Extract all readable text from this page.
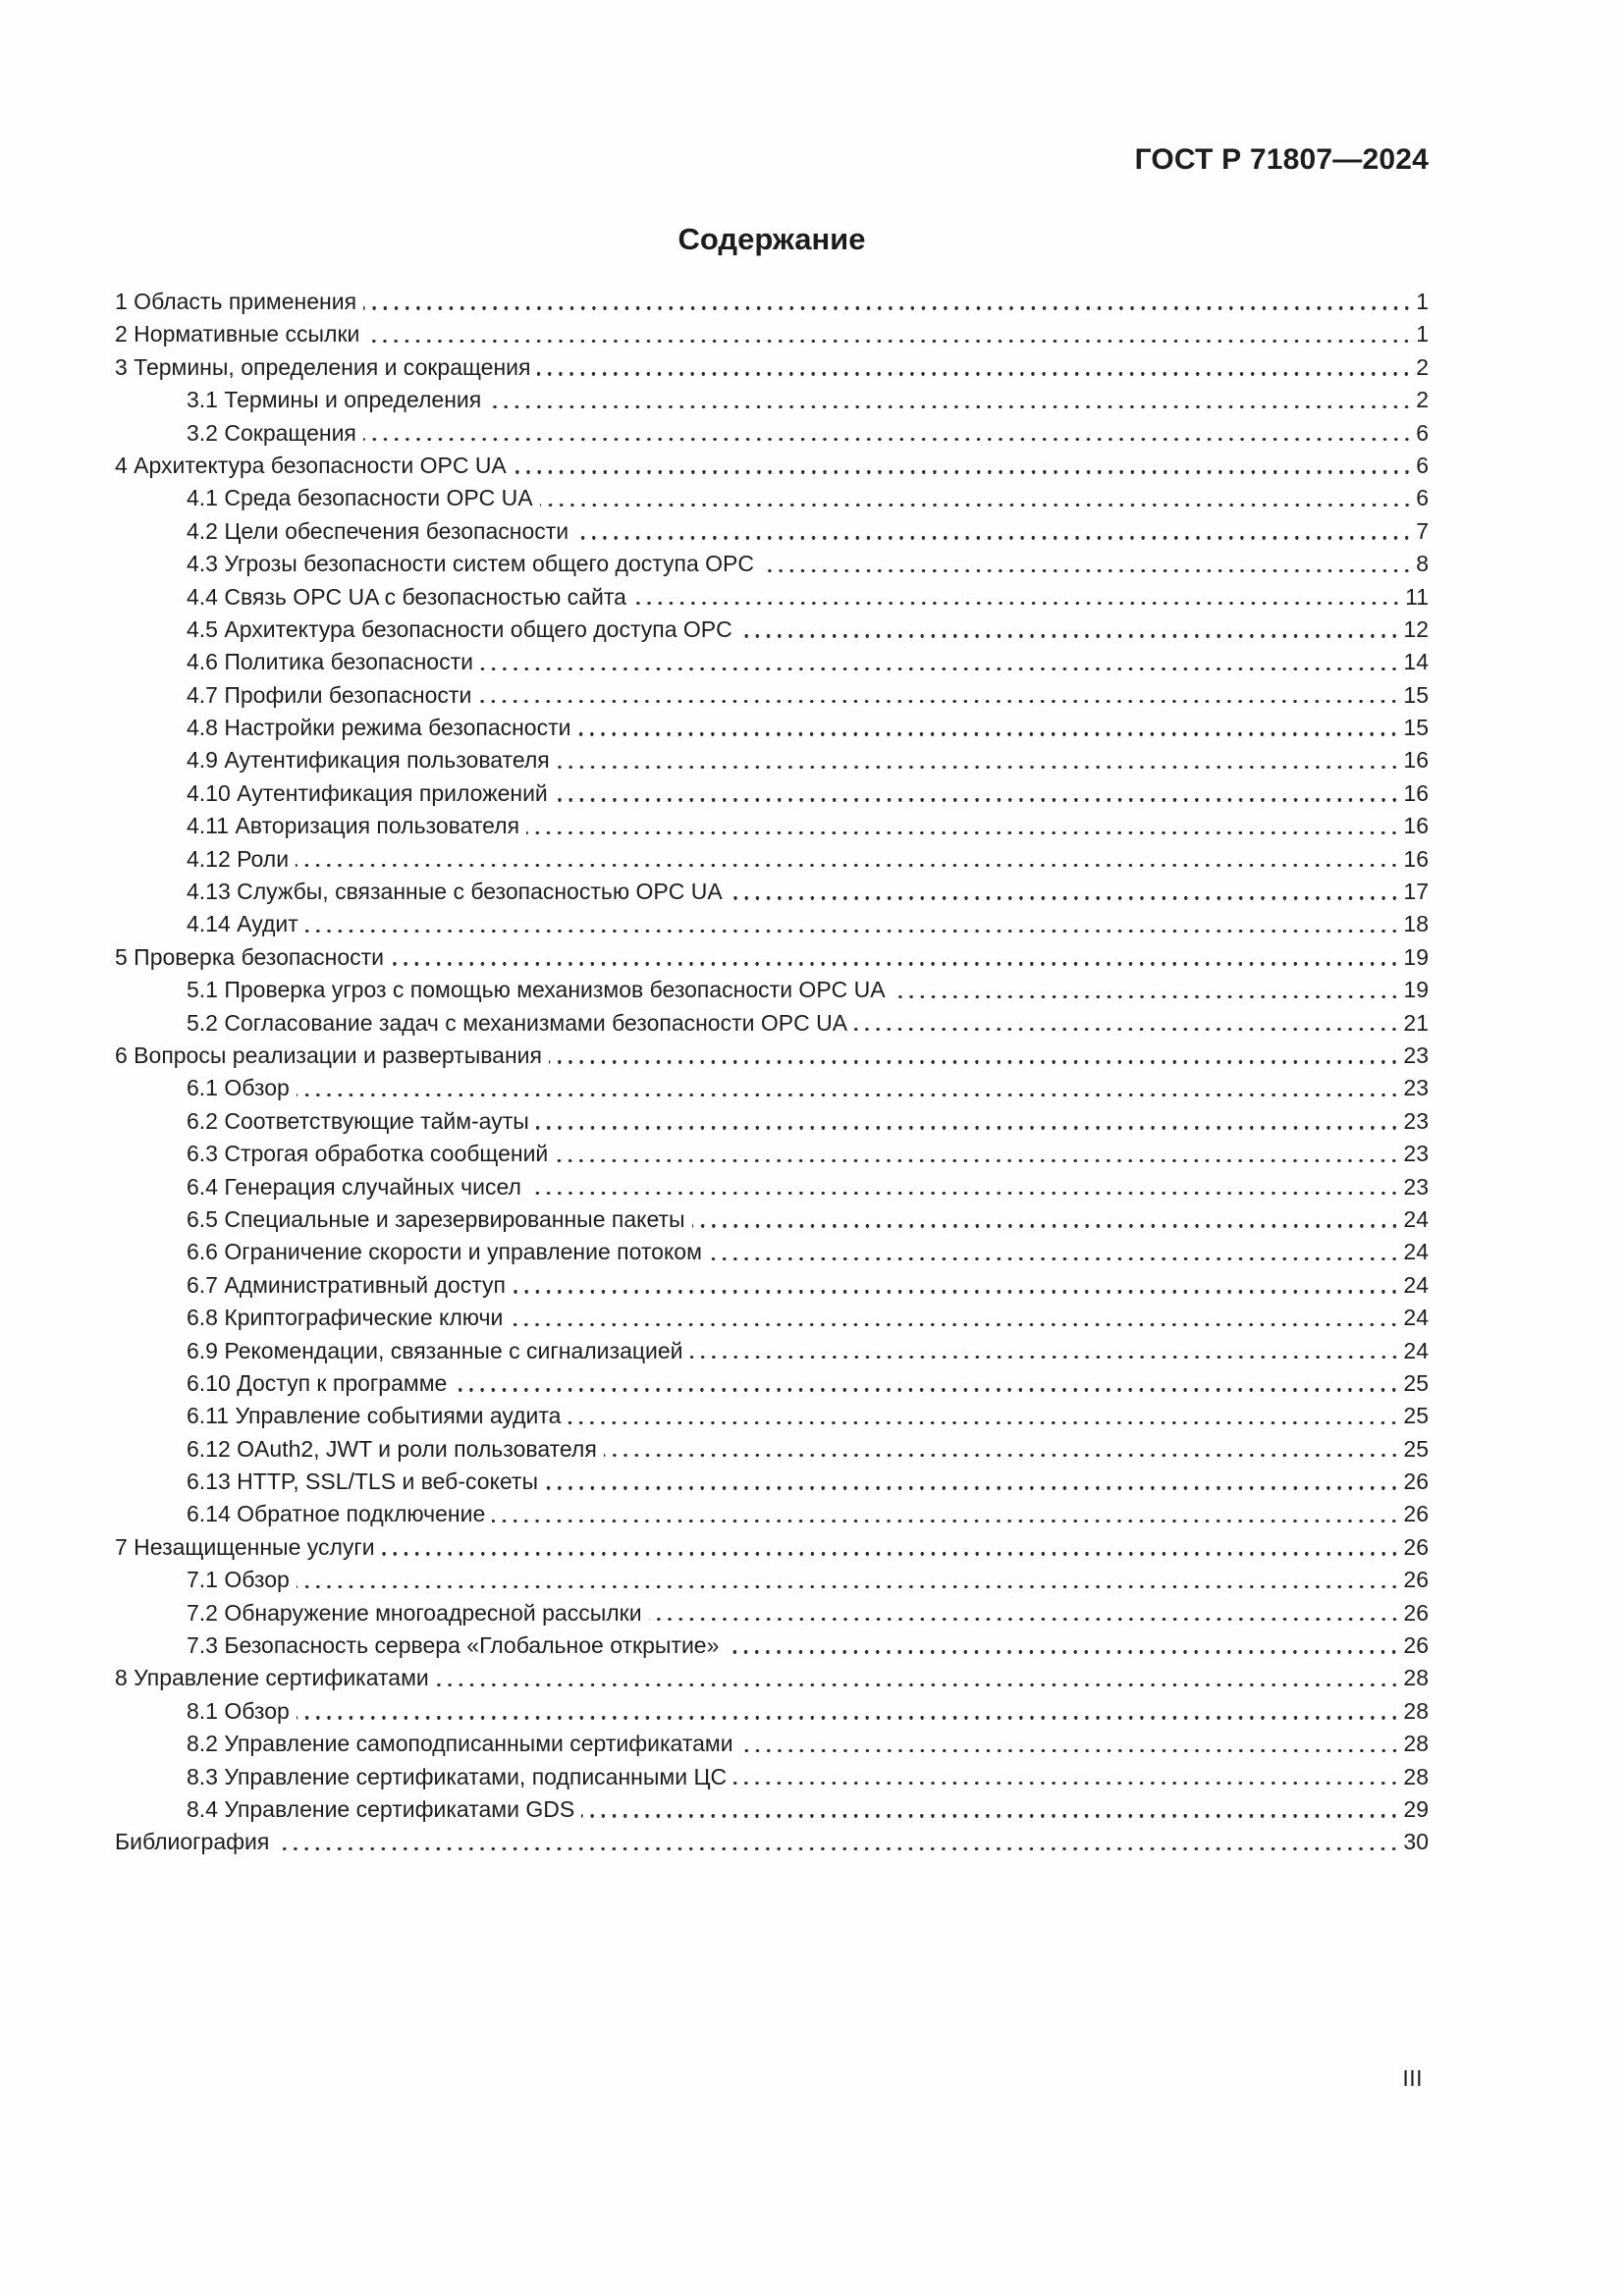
ГОСТ Р 71807—2024
Содержание
1 Область применения	1
2 Нормативные ссылки	1
3 Термины, определения и сокращения	2
3.1 Термины и определения	2
3.2 Сокращения	6
4 Архитектура безопасности OPC UA	6
4.1 Среда безопасности OPC UA	6
4.2 Цели обеспечения безопасности	7
4.3 Угрозы безопасности систем общего доступа OPC	8
4.4 Связь OPC UA с безопасностью сайта	11
4.5 Архитектура безопасности общего доступа OPC	12
4.6 Политика безопасности	14
4.7 Профили безопасности	15
4.8 Настройки режима безопасности	15
4.9 Аутентификация пользователя	16
4.10 Аутентификация приложений	16
4.11 Авторизация пользователя	16
4.12 Роли	16
4.13 Службы, связанные с безопасностью OPC UA	17
4.14 Аудит	18
5 Проверка безопасности	19
5.1 Проверка угроз с помощью механизмов безопасности OPC UA	19
5.2 Согласование задач с механизмами безопасности OPC UA	21
6 Вопросы реализации и развертывания	23
6.1 Обзор	23
6.2 Соответствующие тайм-ауты	23
6.3 Строгая обработка сообщений	23
6.4 Генерация случайных чисел	23
6.5 Специальные и зарезервированные пакеты	24
6.6 Ограничение скорости и управление потоком	24
6.7 Административный доступ	24
6.8 Криптографические ключи	24
6.9 Рекомендации, связанные с сигнализацией	24
6.10 Доступ к программе	25
6.11 Управление событиями аудита	25
6.12 OAuth2, JWT и роли пользователя	25
6.13 HTTP, SSL/TLS и веб-сокеты	26
6.14 Обратное подключение	26
7 Незащищенные услуги	26
7.1 Обзор	26
7.2 Обнаружение многоадресной рассылки	26
7.3 Безопасность сервера «Глобальное открытие»	26
8 Управление сертификатами	28
8.1 Обзор	28
8.2 Управление самоподписанными сертификатами	28
8.3 Управление сертификатами, подписанными ЦС	28
8.4 Управление сертификатами GDS	29
Библиография	30
III
